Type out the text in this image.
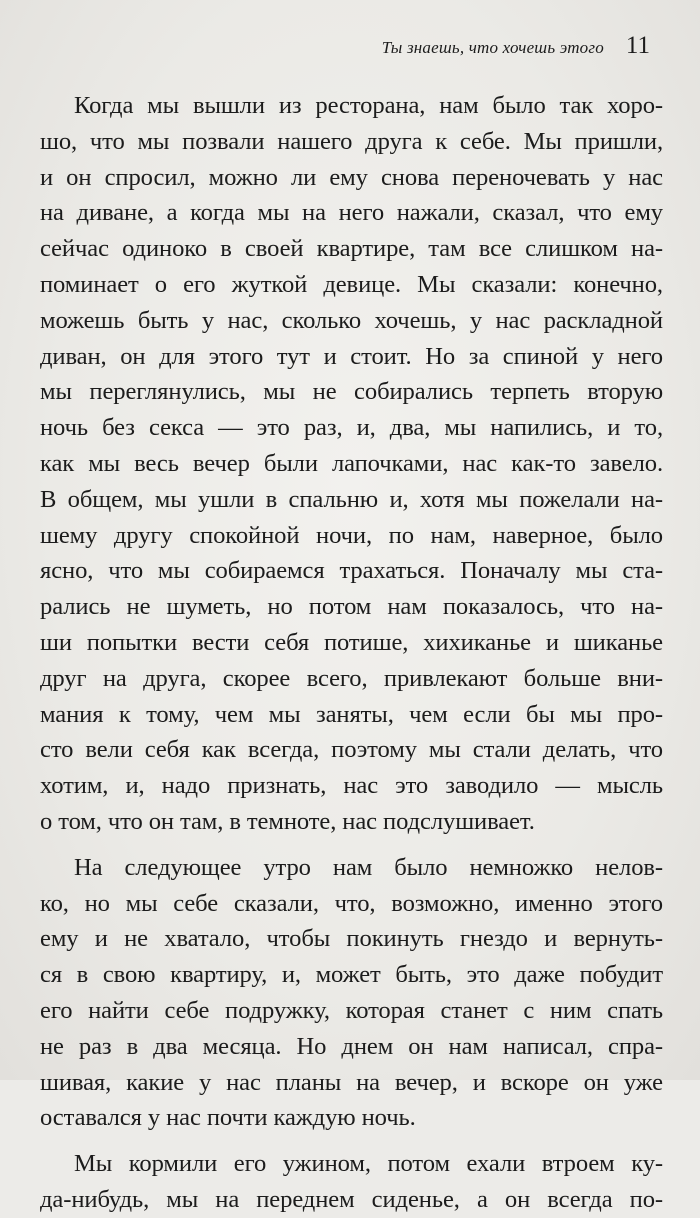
Ты знаешь, что хочешь этого 11

Когда мы вышли из ресторана, нам было так хоро-
шо, что мы позвали нашего друга к себе. Мы пришли,
и он спросил, можно ли ему снова переночевать у нас
на диване, а когда мы на него нажали, сказал, что ему
сейчас одиноко в своей квартире, там все слишком на-
поминает о его жуткой девице. Мы сказали: конечно,
можешь быть у нас, сколько хочешь, у нас раскладной
диван, он для этого тут и стоит. Но за спиной у него
мы переглянулись, мы не собирались терпеть вторую
ночь без секса — это раз, и, два, мы напились, и то,
как мы весь вечер были лапочками, нас как-то завело.
В общем, мы ушли в спальню и, хотя мы пожелали на-
шему другу спокойной ночи, по нам, наверное, было
ясно, что мы собираемся трахаться. Поначалу мы ста-
рались не шуметь, но потом нам показалось, что на-
ши попытки вести себя потише, хихиканье и шиканье
друг на друга, скорее всего, привлекают больше вни-
мания к тому, чем мы заняты, чем если бы мы про-
сто вели себя как всегда, поэтому мы стали делать, что
хотим, и, надо признать, нас это заводило — мысль
о том, что он там, в темноте, нас подслушивает.

На следующее утро нам было немножко нелов-
ко, но мы себе сказали, что, возможно, именно этого
ему и не хватало, чтобы покинуть гнездо и вернуть-
ся в свою квартиру, и, может быть, это даже побудит
его найти себе подружку, которая станет с ним спать
не раз в два месяца. Но днем он нам написал, спра-
шивая, какие у нас планы на вечер, и вскоре он уже
оставался у нас почти каждую ночь.

Мы кормили его ужином, потом ехали втроем ку-
да-нибудь, мы на переднем сиденье, а он всегда по-
